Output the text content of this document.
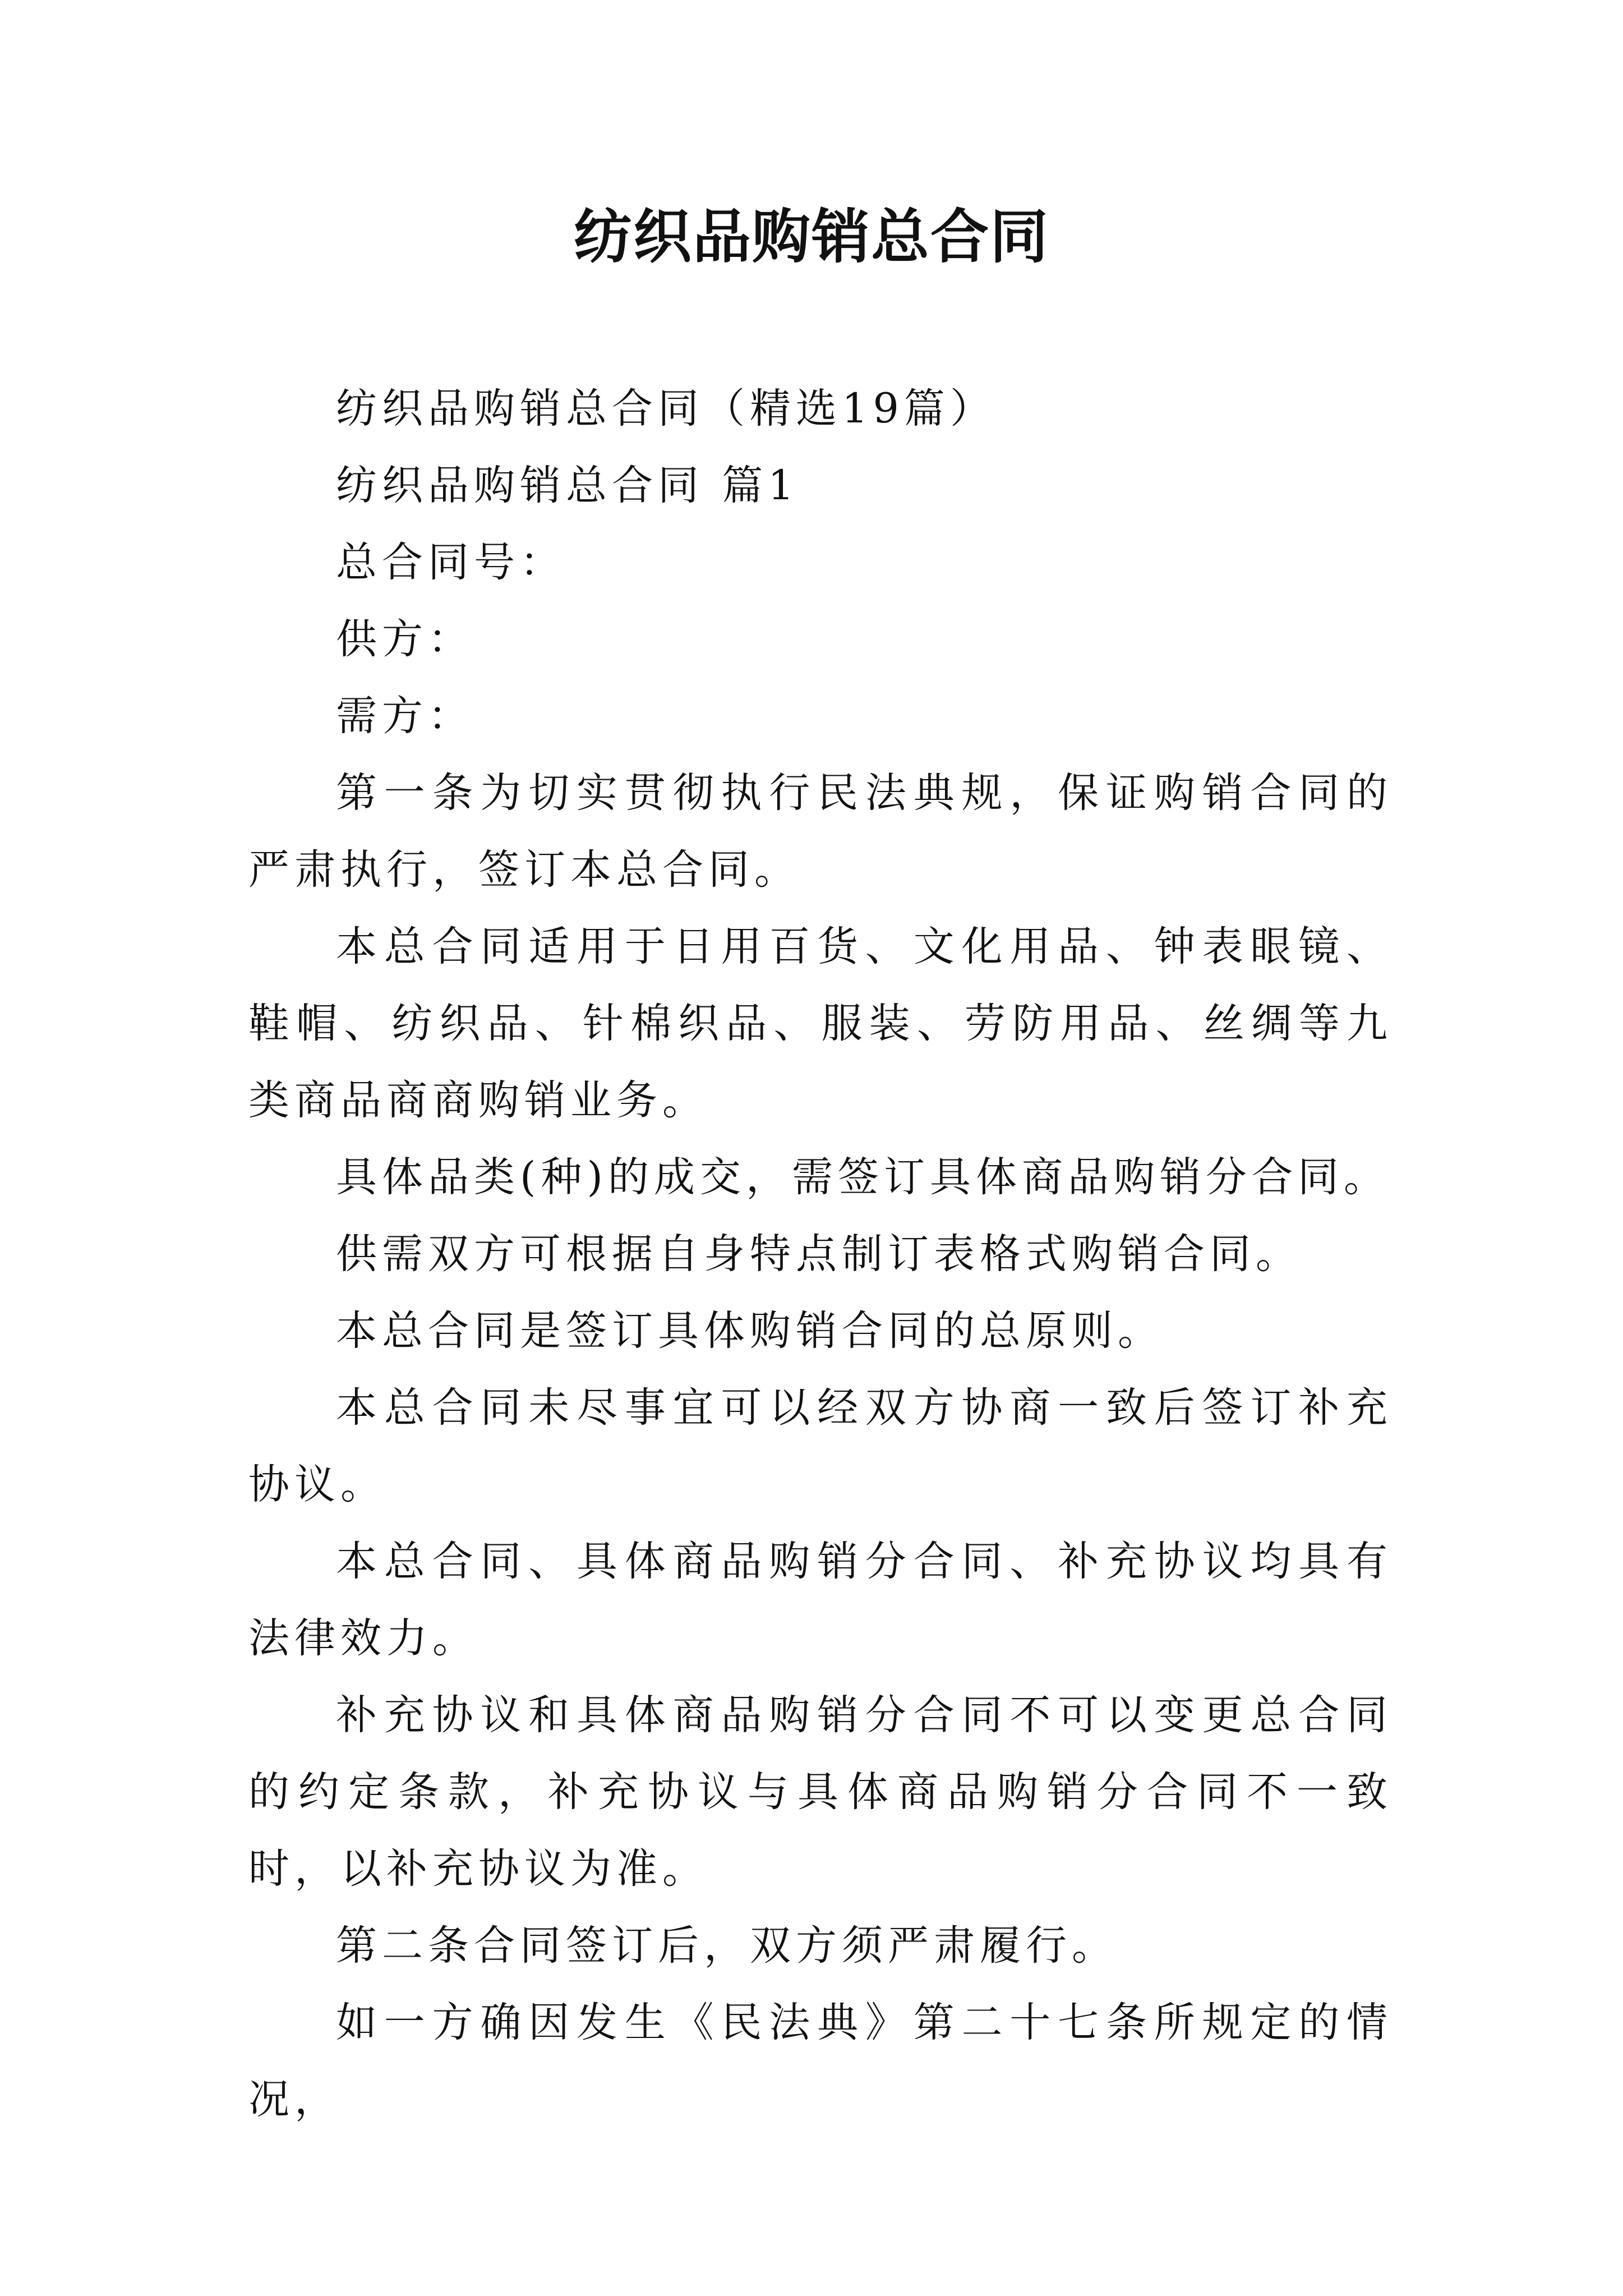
纺织品购销总合同

纺织品购销总合同（精选19篇）

纺织品购销总合同 篇1

总合同号：

供方：

需方：

第一条为切实贯彻执行民法典规，保证购销合同的严肃执行，签订本总合同。

本总合同适用于日用百货、文化用品、钟表眼镜、鞋帽、纺织品、针棉织品、服装、劳防用品、丝绸等九类商品商商购销业务。

具体品类(种)的成交，需签订具体商品购销分合同。

供需双方可根据自身特点制订表格式购销合同。

本总合同是签订具体购销合同的总原则。

本总合同未尽事宜可以经双方协商一致后签订补充协议。

本总合同、具体商品购销分合同、补充协议均具有法律效力。

补充协议和具体商品购销分合同不可以变更总合同的约定条款，补充协议与具体商品购销分合同不一致时，以补充协议为准。

第二条合同签订后，双方须严肃履行。

如一方确因发生《民法典》第二十七条所规定的情况，
